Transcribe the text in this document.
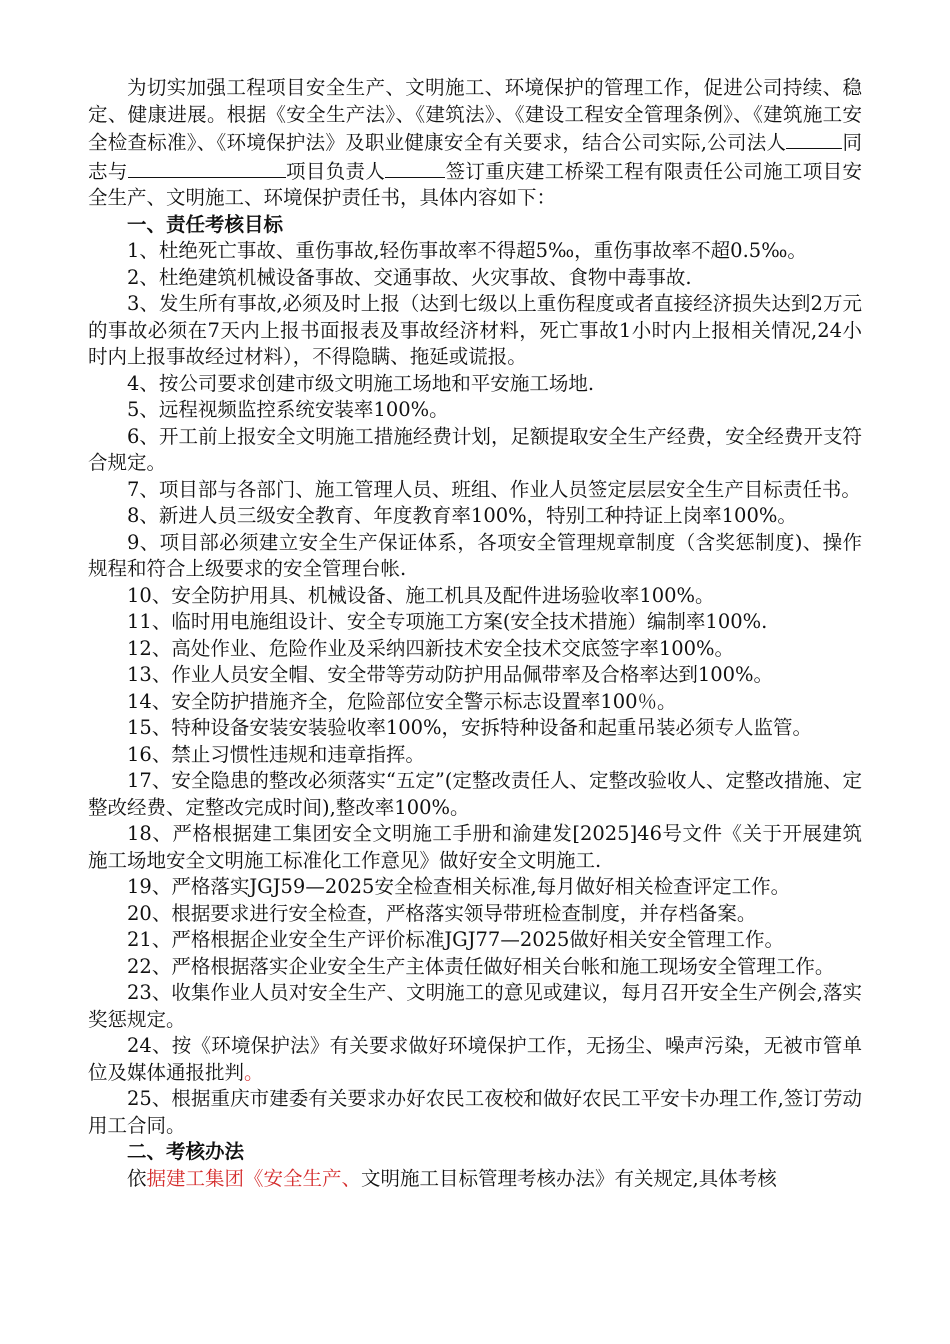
为切实加强工程项目安全生产、文明施工、环境保护的管理工作，促进公司持续、稳定、健康进展。根据《安全生产法》、《建筑法》、《建设工程安全管理条例》、《建筑施工安全检查标准》、《环境保护法》及职业健康安全有关要求，结合公司实际,公司法人	同志与	项目负责人	签订重庆建工桥梁工程有限责任公司施工项目安全生产、文明施工、环境保护责任书，具体内容如下：

一、责任考核目标

1、杜绝死亡事故、重伤事故,轻伤事故率不得超5‰，重伤事故率不超0.5‰。

2、杜绝建筑机械设备事故、交通事故、火灾事故、食物中毒事故.

3、发生所有事故,必须及时上报（达到七级以上重伤程度或者直接经济损失达到2万元的事故必须在7天内上报书面报表及事故经济材料，死亡事故1小时内上报相关情况,24小时内上报事故经过材料），不得隐瞒、拖延或谎报。

4、按公司要求创建市级文明施工场地和平安施工场地.

5、远程视频监控系统安装率100%。

6、开工前上报安全文明施工措施经费计划，足额提取安全生产经费，安全经费开支符合规定。

7、项目部与各部门、施工管理人员、班组、作业人员签定层层安全生产目标责任书。

8、新进人员三级安全教育、年度教育率100%，特别工种持证上岗率100%。

9、项目部必须建立安全生产保证体系，各项安全管理规章制度（含奖惩制度)、操作规程和符合上级要求的安全管理台帐.

10、安全防护用具、机械设备、施工机具及配件进场验收率100%。

11、临时用电施组设计、安全专项施工方案(安全技术措施）编制率100%.

12、高处作业、危险作业及采纳四新技术安全技术交底签字率100%。

13、作业人员安全帽、安全带等劳动防护用品佩带率及合格率达到100%。

14、安全防护措施齐全，危险部位安全警示标志设置率100％。

15、特种设备安装安装验收率100%，安拆特种设备和起重吊装必须专人监管。

16、禁止习惯性违规和违章指挥。

17、安全隐患的整改必须落实“五定”(定整改责任人、定整改验收人、定整改措施、定整改经费、定整改完成时间),整改率100%。

18、严格根据建工集团安全文明施工手册和渝建发[2025]46号文件《关于开展建筑施工场地安全文明施工标准化工作意见》做好安全文明施工.

19、严格落实JGJ59—2025安全检查相关标准,每月做好相关检查评定工作。

20、根据要求进行安全检查，严格落实领导带班检查制度，并存档备案。

21、严格根据企业安全生产评价标准JGJ77—2025做好相关安全管理工作。

22、严格根据落实企业安全生产主体责任做好相关台帐和施工现场安全管理工作。

23、收集作业人员对安全生产、文明施工的意见或建议，每月召开安全生产例会,落实奖惩规定。

24、按《环境保护法》有关要求做好环境保护工作，无扬尘、噪声污染，无被市管单位及媒体通报批判。

25、根据重庆市建委有关要求办好农民工夜校和做好农民工平安卡办理工作,签订劳动用工合同。

二、考核办法

依据建工集团《安全生产、文明施工目标管理考核办法》有关规定,具体考核
